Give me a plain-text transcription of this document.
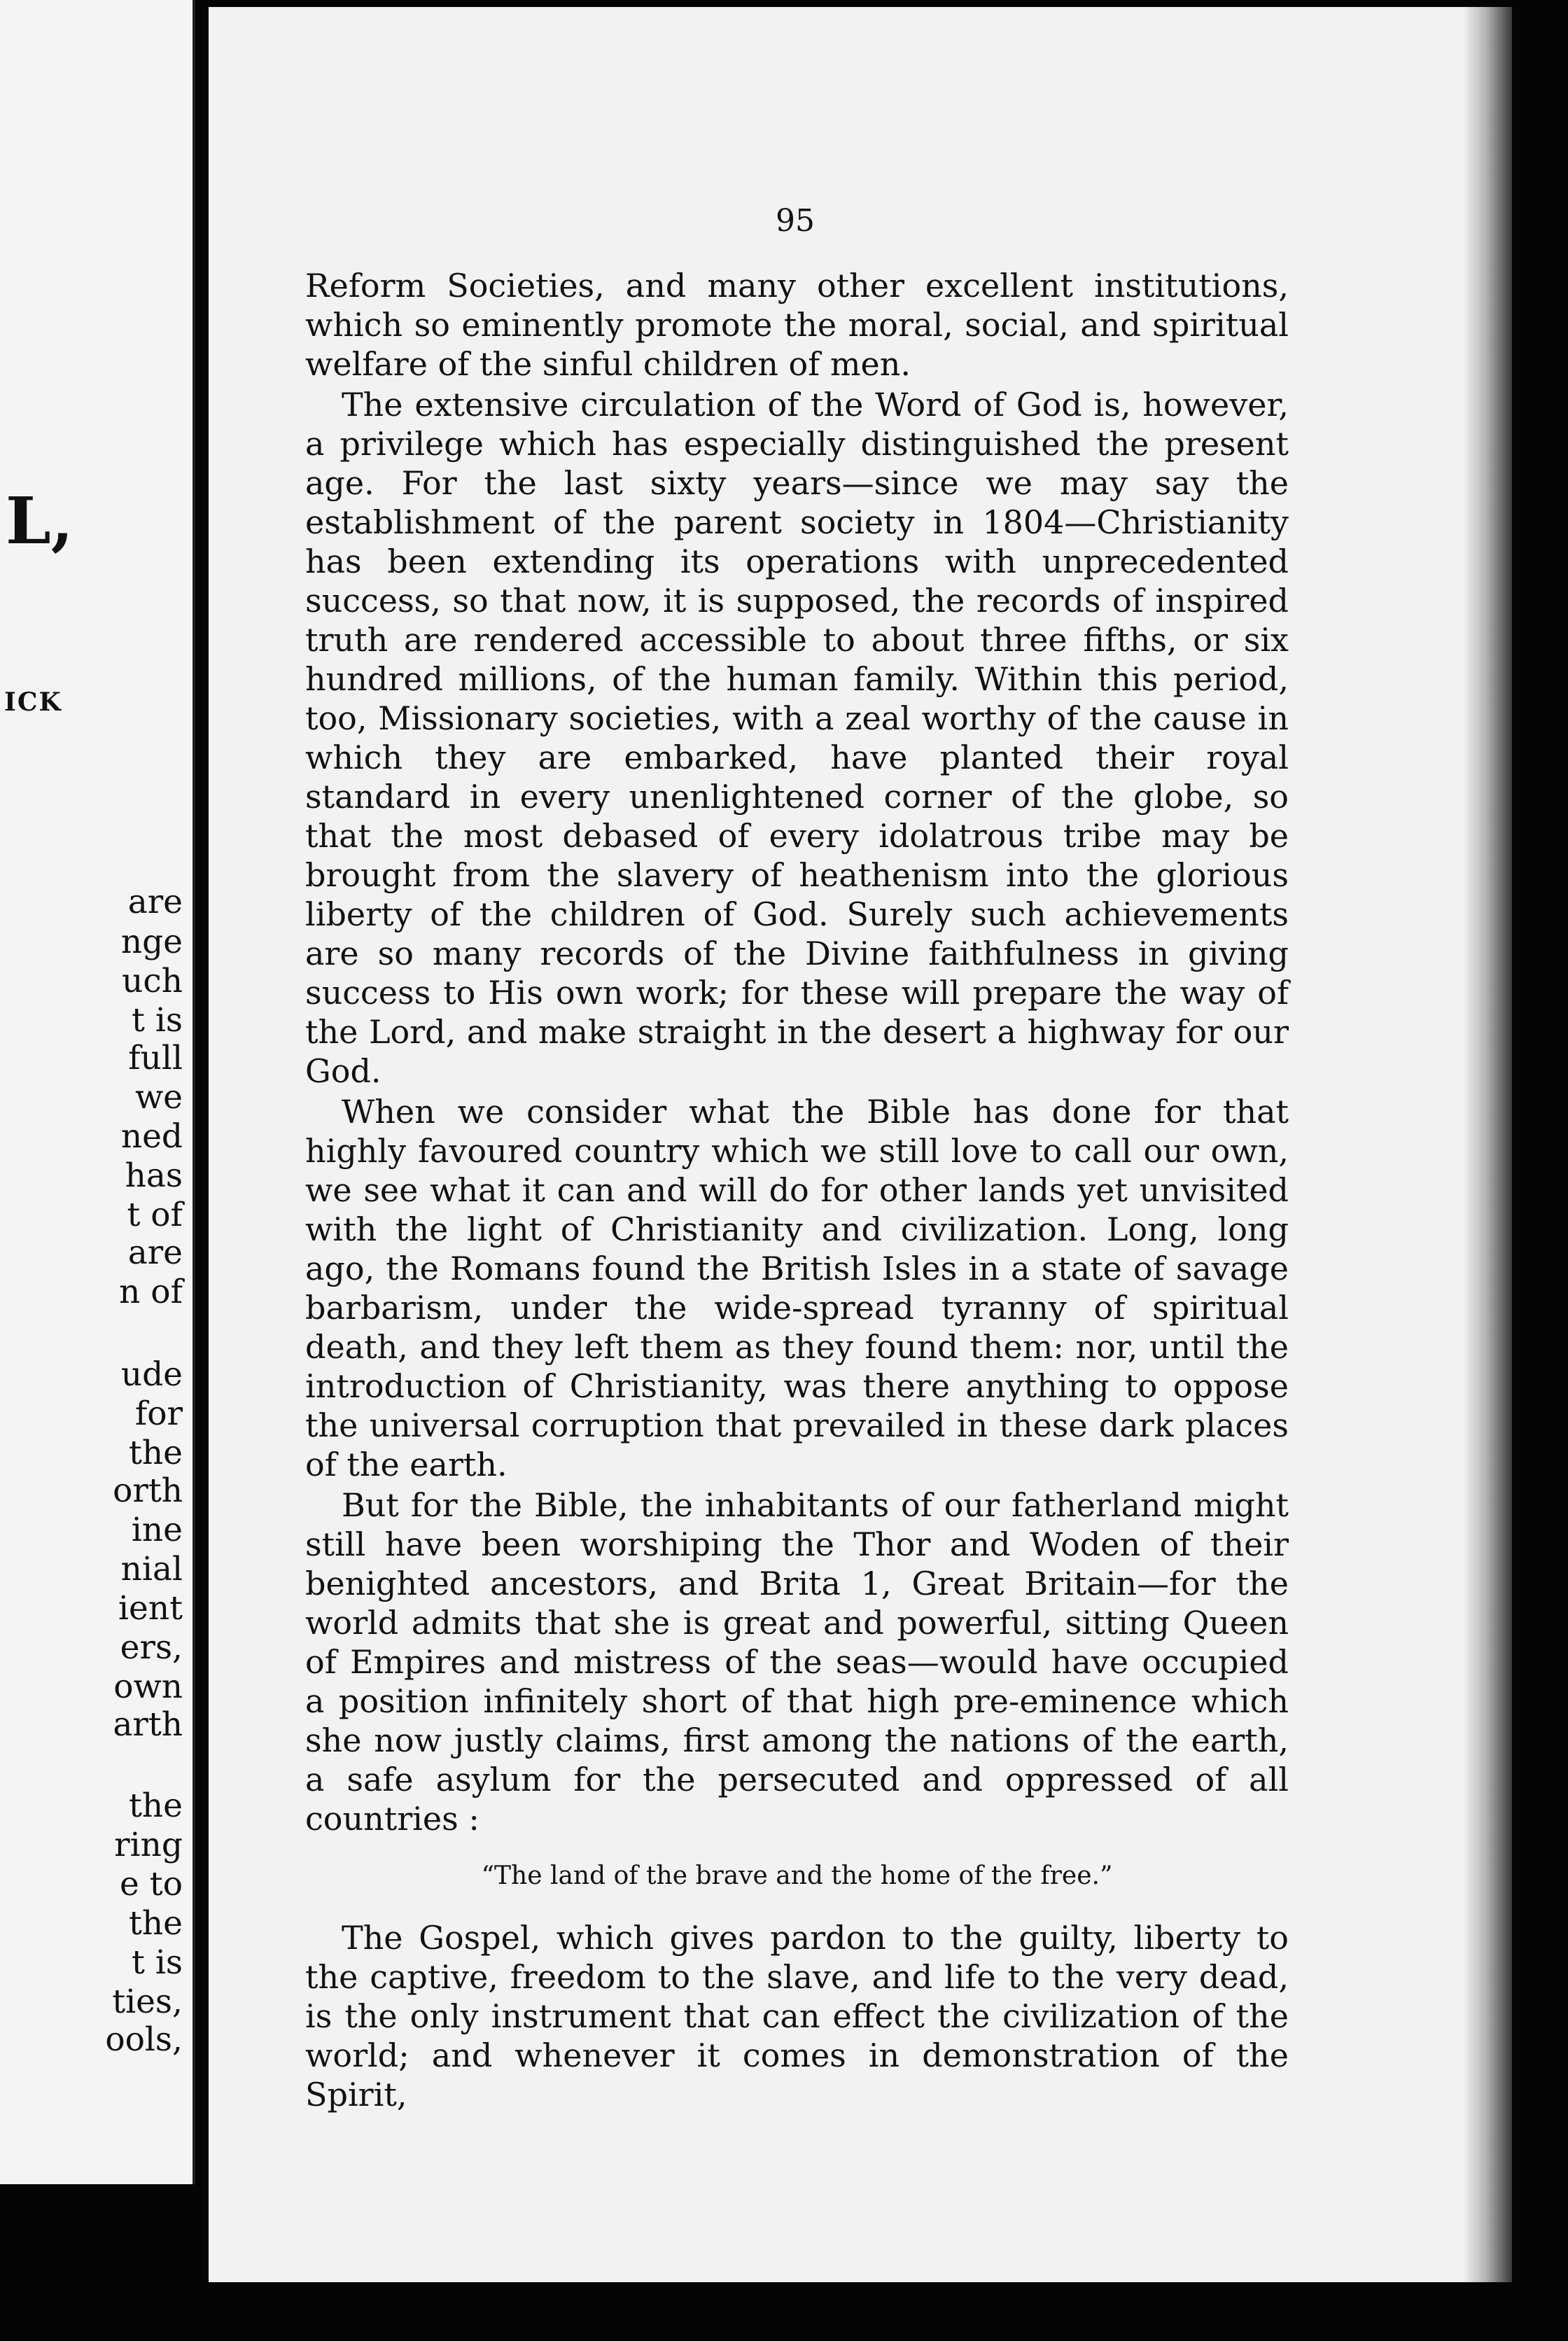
L,
ICK
are
nge
uch
t is
full
we
ned
has
t of
are
n of
ude
for
the
orth
ine
nial
ient
ers,
own
arth
the
ring
e to
the
t is
ties,
ools,
95

Reform Societies, and many other excellent institutions, which so eminently promote the moral, social, and spiritual welfare of the sinful children of men.

The extensive circulation of the Word of God is, however, a privilege which has especially distinguished the present age. For the last sixty years—since we may say the establishment of the parent society in 1804—Christianity has been extending its operations with unprecedented success, so that now, it is supposed, the records of inspired truth are rendered accessible to about three fifths, or six hundred millions, of the human family. Within this period, too, Missionary societies, with a zeal worthy of the cause in which they are embarked, have planted their royal standard in every unenlightened corner of the globe, so that the most debased of every idolatrous tribe may be brought from the slavery of heathenism into the glorious liberty of the children of God. Surely such achievements are so many records of the Divine faithfulness in giving success to His own work; for these will prepare the way of the Lord, and make straight in the desert a highway for our God.

When we consider what the Bible has done for that highly favoured country which we still love to call our own, we see what it can and will do for other lands yet unvisited with the light of Christianity and civilization. Long, long ago, the Romans found the British Isles in a state of savage barbarism, under the wide-spread tyranny of spiritual death, and they left them as they found them: nor, until the introduction of Christianity, was there anything to oppose the universal corruption that prevailed in these dark places of the earth.

But for the Bible, the inhabitants of our fatherland might still have been worshiping the Thor and Woden of their benighted ancestors, and Brita 1, Great Britain—for the world admits that she is great and powerful, sitting Queen of Empires and mistress of the seas—would have occupied a position infinitely short of that high pre-eminence which she now justly claims, first among the nations of the earth, a safe asylum for the persecuted and oppressed of all countries :

“The land of the brave and the home of the free.”

The Gospel, which gives pardon to the guilty, liberty to the captive, freedom to the slave, and life to the very dead, is the only instrument that can effect the civilization of the world; and whenever it comes in demonstration of the Spirit,
